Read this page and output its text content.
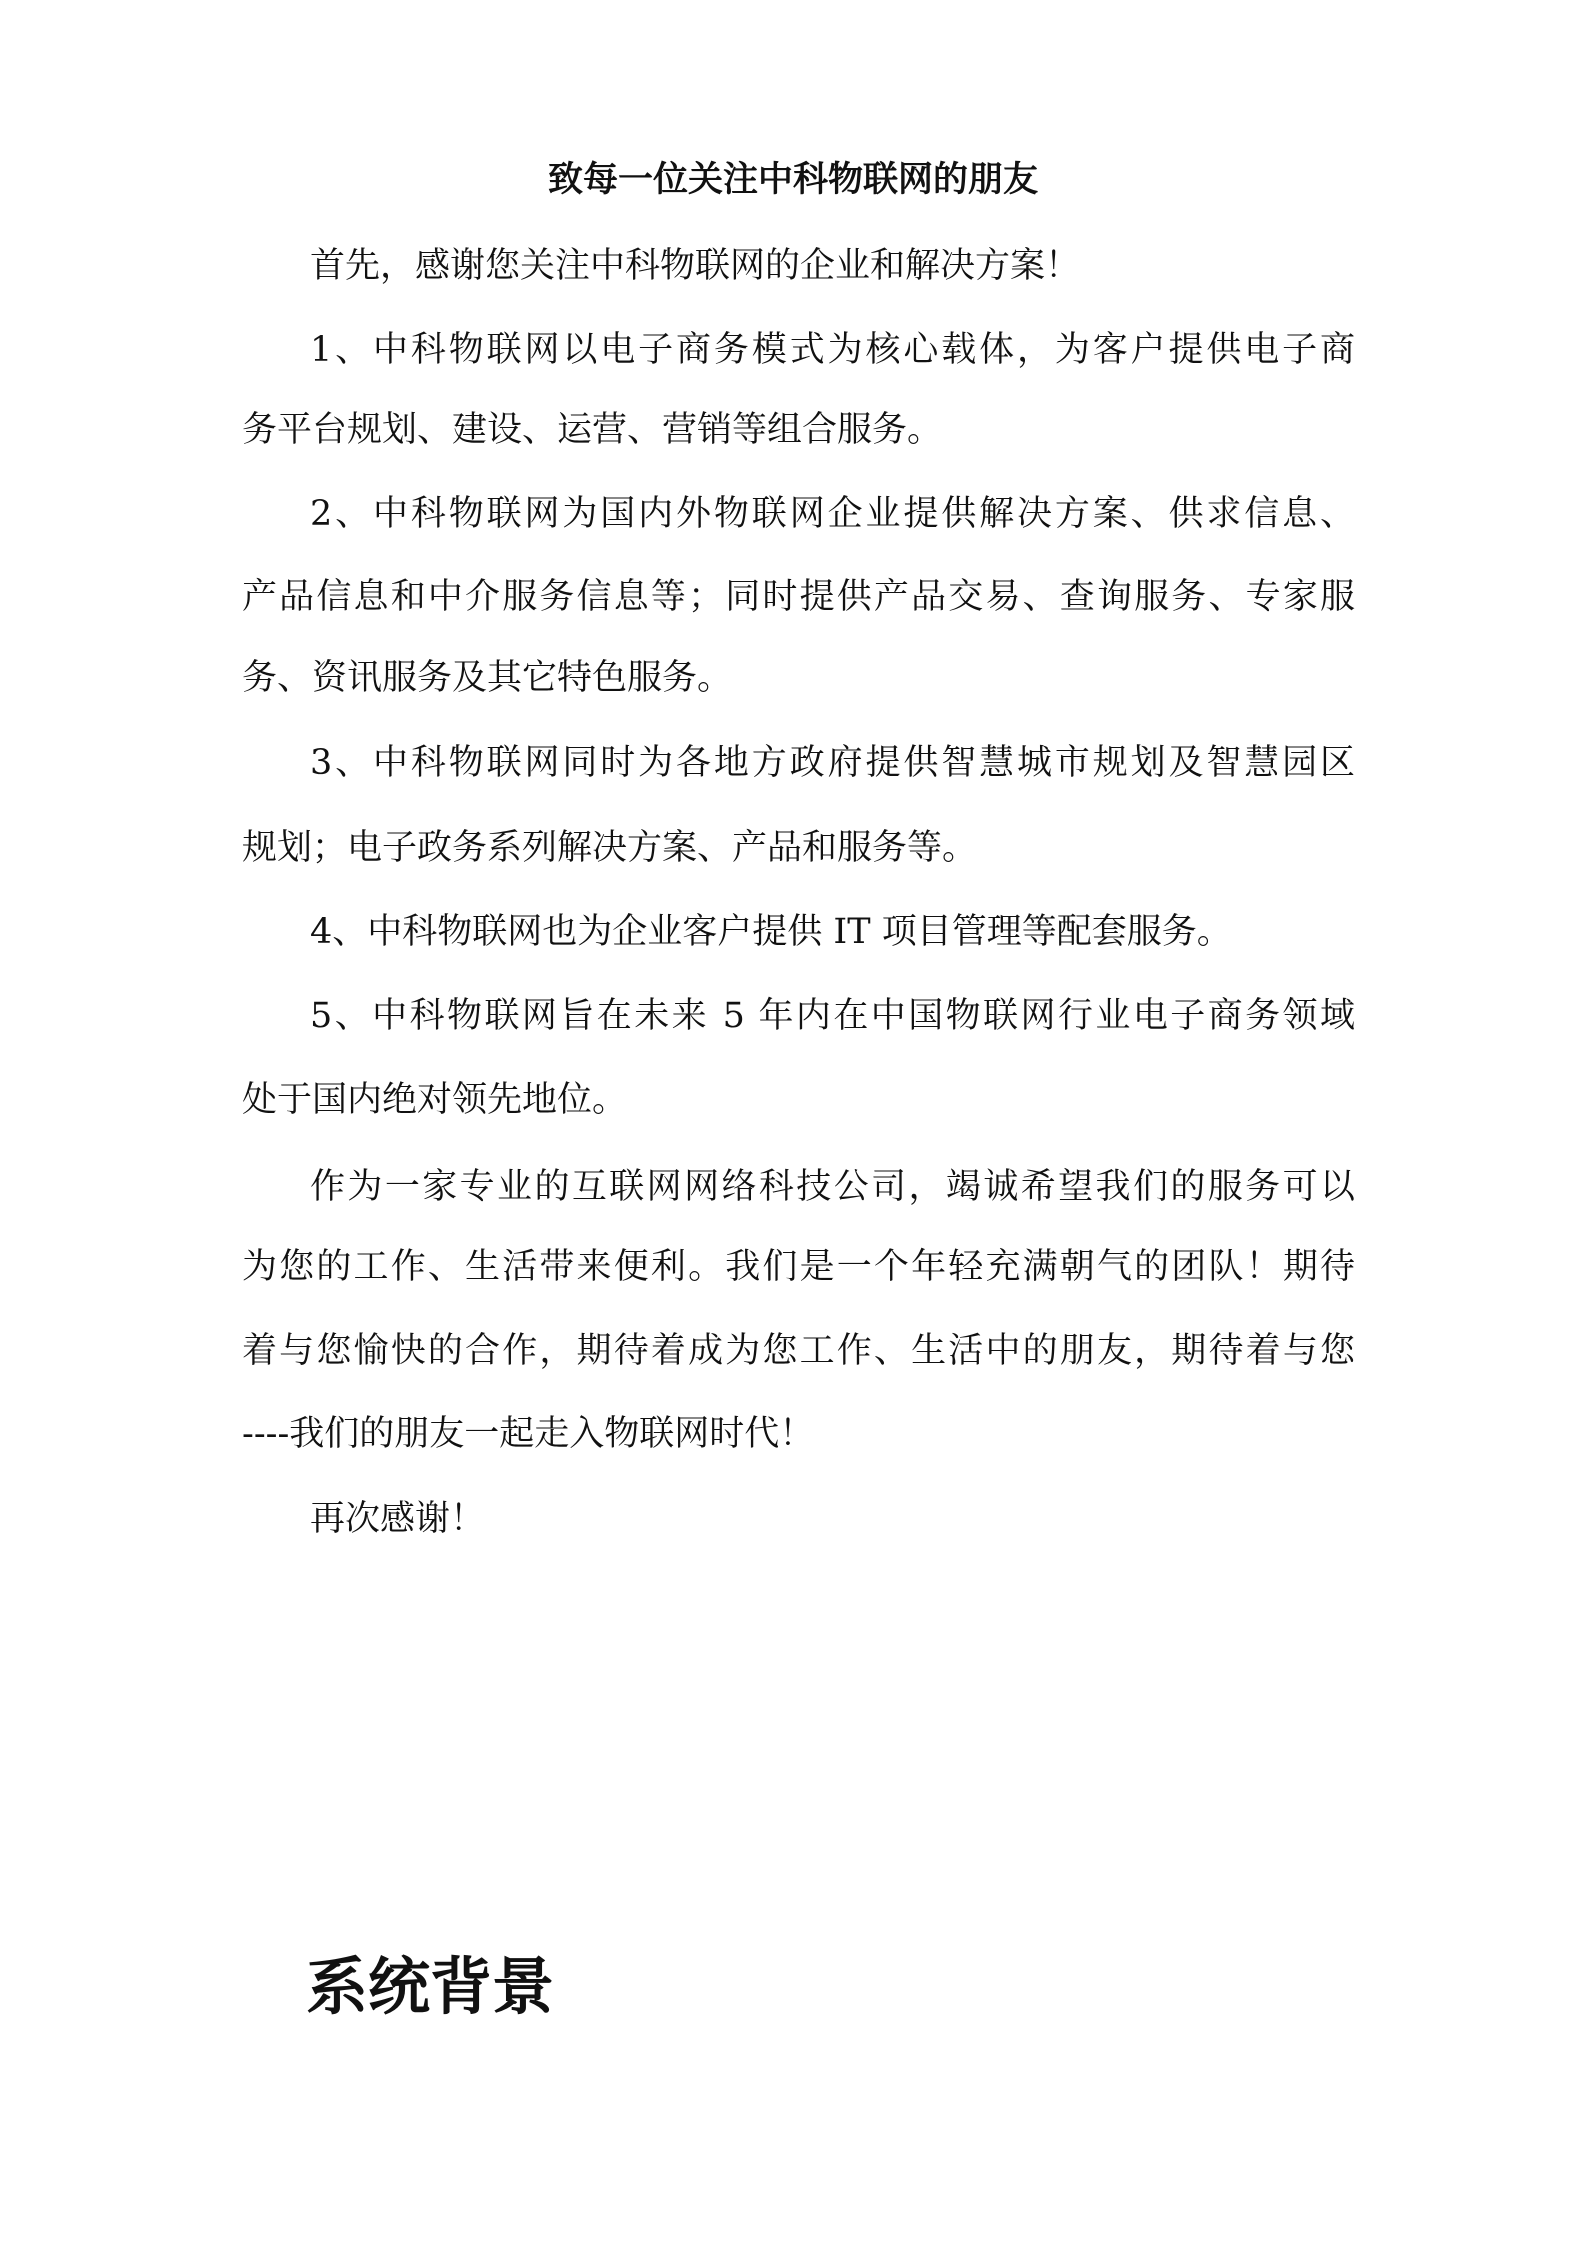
致每一位关注中科物联网的朋友
首先，感谢您关注中科物联网的企业和解决方案！
1、中科物联网以电子商务模式为核心载体，为客户提供电子商
务平台规划、建设、运营、营销等组合服务。
2、中科物联网为国内外物联网企业提供解决方案、供求信息、
产品信息和中介服务信息等；同时提供产品交易、查询服务、专家服
务、资讯服务及其它特色服务。
3、中科物联网同时为各地方政府提供智慧城市规划及智慧园区
规划；电子政务系列解决方案、产品和服务等。
4、中科物联网也为企业客户提供 IT 项目管理等配套服务。
5、中科物联网旨在未来 5 年内在中国物联网行业电子商务领域
处于国内绝对领先地位。
作为一家专业的互联网网络科技公司，竭诚希望我们的服务可以
为您的工作、生活带来便利。我们是一个年轻充满朝气的团队！期待
着与您愉快的合作，期待着成为您工作、生活中的朋友，期待着与您
----我们的朋友一起走入物联网时代！
再次感谢！
系统背景
